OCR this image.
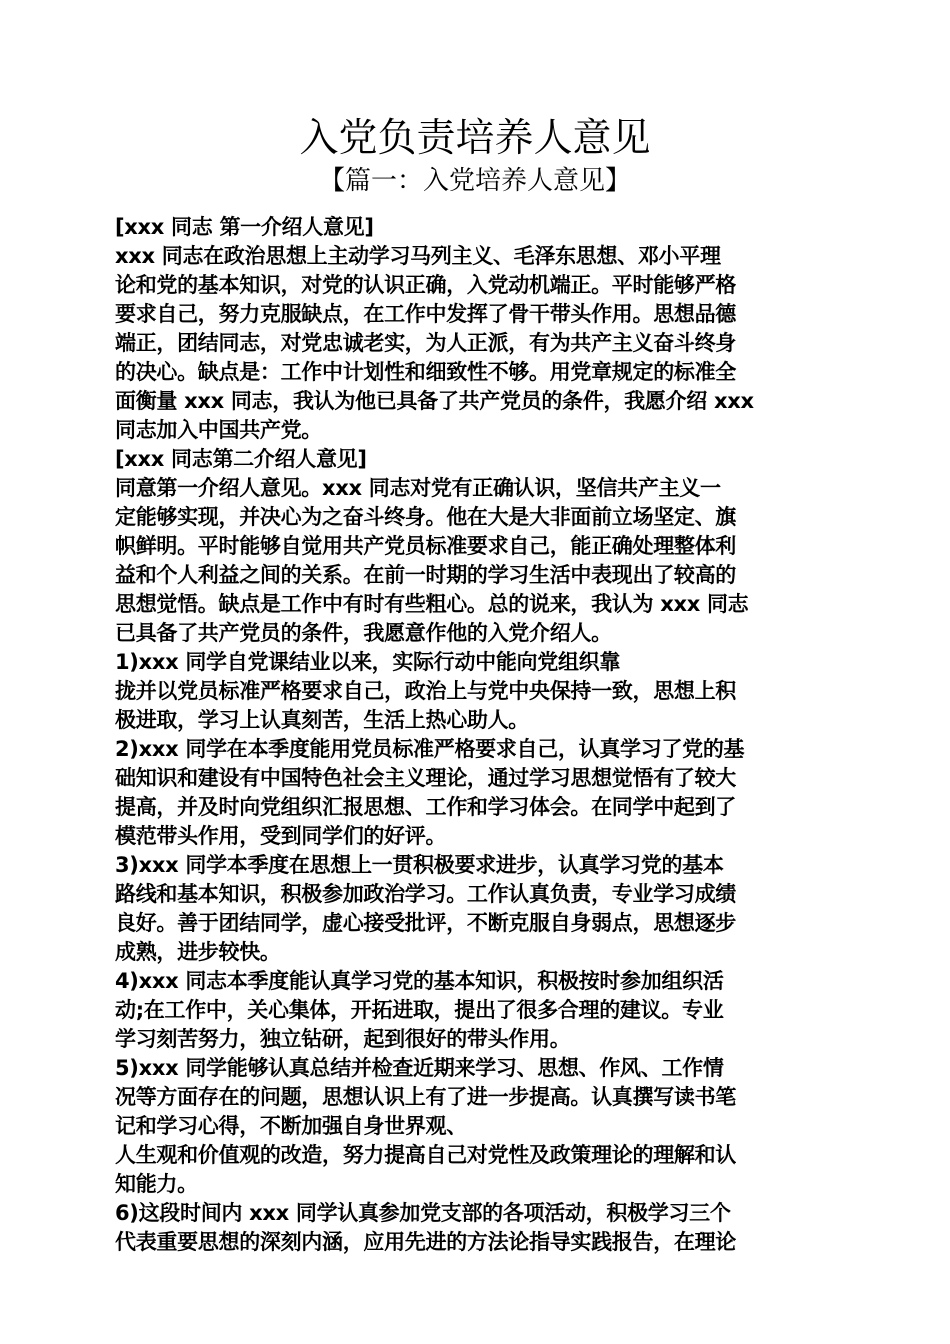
入党负责培养人意见
【篇一：入党培养人意见】
[xxx 同志 第一介绍人意见]
xxx 同志在政治思想上主动学习马列主义、毛泽东思想、邓小平理
论和党的基本知识，对党的认识正确，入党动机端正。平时能够严格
要求自己，努力克服缺点，在工作中发挥了骨干带头作用。思想品德
端正，团结同志，对党忠诚老实，为人正派，有为共产主义奋斗终身
的决心。缺点是：工作中计划性和细致性不够。用党章规定的标准全
面衡量 xxx 同志，我认为他已具备了共产党员的条件，我愿介绍 xxx
同志加入中国共产党。
[xxx 同志第二介绍人意见]
同意第一介绍人意见。xxx 同志对党有正确认识，坚信共产主义一
定能够实现，并决心为之奋斗终身。他在大是大非面前立场坚定、旗
帜鲜明。平时能够自觉用共产党员标准要求自己，能正确处理整体利
益和个人利益之间的关系。在前一时期的学习生活中表现出了较高的
思想觉悟。缺点是工作中有时有些粗心。总的说来，我认为 xxx 同志
已具备了共产党员的条件，我愿意作他的入党介绍人。
1)xxx 同学自党课结业以来，实际行动中能向党组织靠
拢并以党员标准严格要求自己，政治上与党中央保持一致，思想上积
极进取，学习上认真刻苦，生活上热心助人。
2)xxx 同学在本季度能用党员标准严格要求自己，认真学习了党的基
础知识和建设有中国特色社会主义理论，通过学习思想觉悟有了较大
提高，并及时向党组织汇报思想、工作和学习体会。在同学中起到了
模范带头作用，受到同学们的好评。
3)xxx 同学本季度在思想上一贯积极要求进步，认真学习党的基本
路线和基本知识，积极参加政治学习。工作认真负责，专业学习成绩
良好。善于团结同学，虚心接受批评，不断克服自身弱点，思想逐步
成熟，进步较快。
4)xxx 同志本季度能认真学习党的基本知识，积极按时参加组织活
动;在工作中，关心集体，开拓进取，提出了很多合理的建议。专业
学习刻苦努力，独立钻研，起到很好的带头作用。
5)xxx 同学能够认真总结并检查近期来学习、思想、作风、工作情
况等方面存在的问题，思想认识上有了进一步提高。认真撰写读书笔
记和学习心得，不断加强自身世界观、
人生观和价值观的改造，努力提高自己对党性及政策理论的理解和认
知能力。
6)这段时间内 xxx 同学认真参加党支部的各项活动，积极学习三个
代表重要思想的深刻内涵，应用先进的方法论指导实践报告，在理论
